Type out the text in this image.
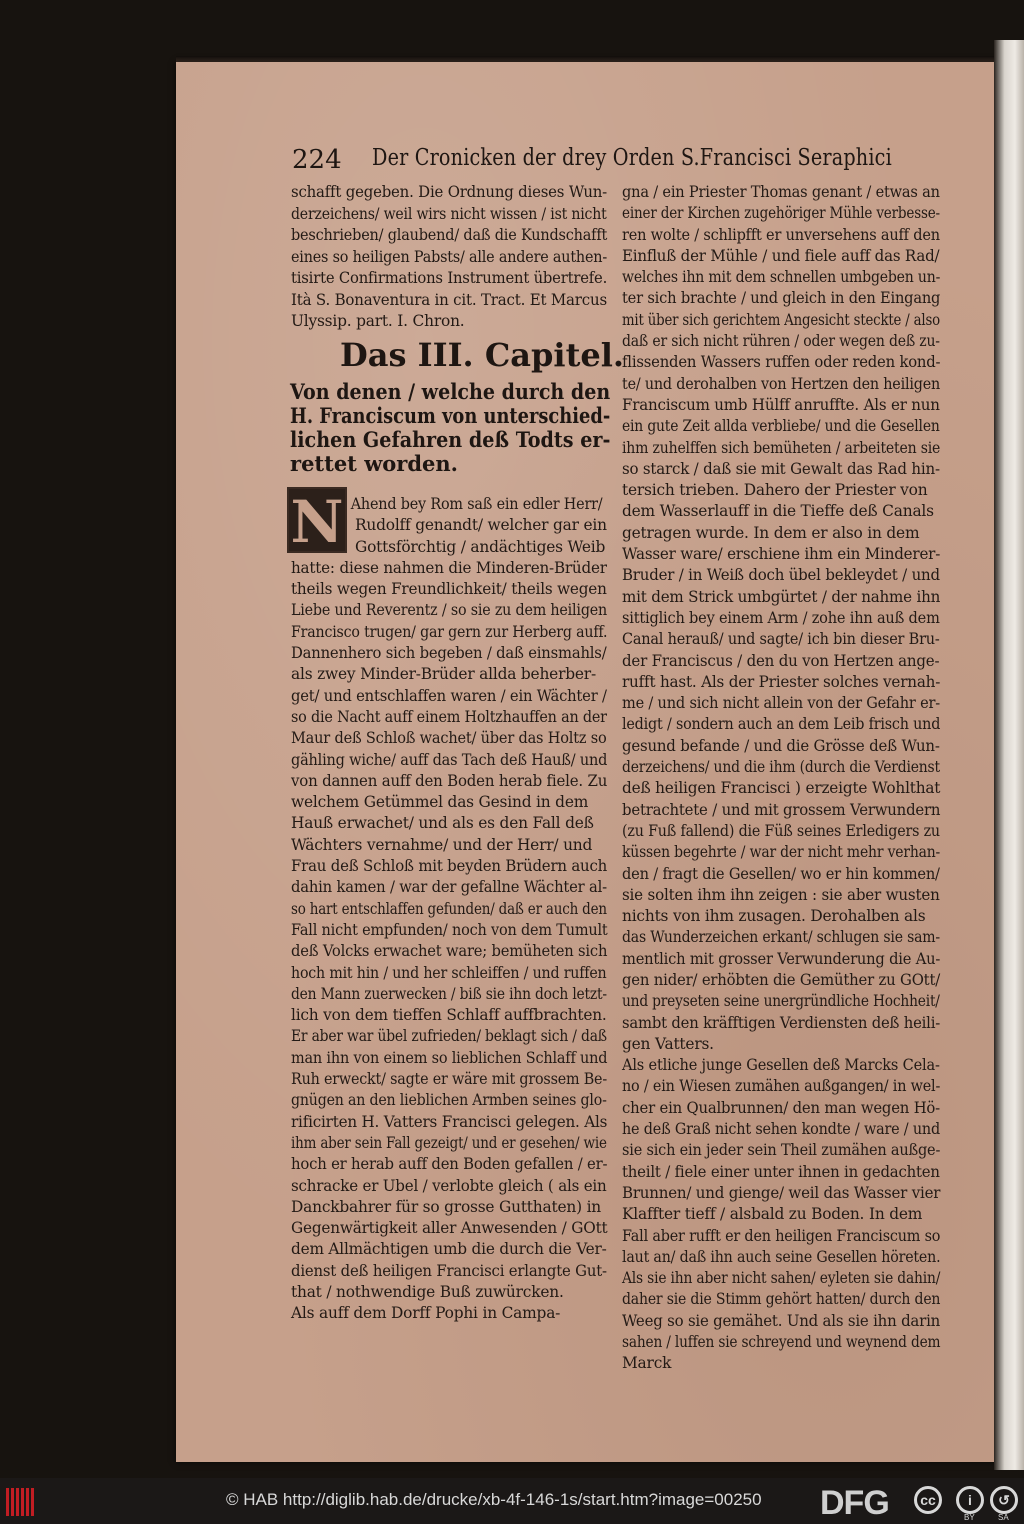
224 Der Cronicken der drey Orden S.Francisci Seraphici
schafft gegeben. Die Ordnung dieses Wun-
derzeichens/ weil wirs nicht wissen / ist nicht
beschrieben/ glaubend/ daß die Kundschafft
eines so heiligen Pabsts/ alle andere authen-
tisirte Confirmations Instrument übertrefe.
Ità S. Bonaventura in cit. Tract. Et Marcus
Ulyssip. part. I. Chron.
Das III. Capitel.
Von denen / welche durch den
H. Franciscum von unterschied-
lichen Gefahren deß Todts er-
rettet worden.
N Ahend bey Rom saß ein edler Herr/
Rudolff genandt/ welcher gar ein
Gottsförchtig / andächtiges Weib
hatte: diese nahmen die Minderen-Brüder
theils wegen Freundlichkeit/ theils wegen
Liebe und Reverentz / so sie zu dem heiligen
Francisco trugen/ gar gern zur Herberg auff.
Dannenhero sich begeben / daß einsmahls/
als zwey Minder-Brüder allda beherber-
get/ und entschlaffen waren / ein Wächter /
so die Nacht auff einem Holtzhauffen an der
Maur deß Schloß wachet/ über das Holtz so
gähling wiche/ auff das Tach deß Hauß/ und
von dannen auff den Boden herab fiele. Zu
welchem Getümmel das Gesind in dem
Hauß erwachet/ und als es den Fall deß
Wächters vernahme/ und der Herr/ und
Frau deß Schloß mit beyden Brüdern auch
dahin kamen / war der gefallne Wächter al-
so hart entschlaffen gefunden/ daß er auch den
Fall nicht empfunden/ noch von dem Tumult
deß Volcks erwachet ware; bemüheten sich
hoch mit hin / und her schleiffen / und ruffen
den Mann zuerwecken / biß sie ihn doch letzt-
lich von dem tieffen Schlaff auffbrachten.
Er aber war übel zufrieden/ beklagt sich / daß
man ihn von einem so lieblichen Schlaff und
Ruh erweckt/ sagte er wäre mit grossem Be-
gnügen an den lieblichen Armben seines glo-
rificirten H. Vatters Francisci gelegen. Als
ihm aber sein Fall gezeigt/ und er gesehen/ wie
hoch er herab auff den Boden gefallen / er-
schracke er Ubel / verlobte gleich ( als ein
Danckbahrer für so grosse Gutthaten) in
Gegenwärtigkeit aller Anwesenden / GOtt
dem Allmächtigen umb die durch die Ver-
dienst deß heiligen Francisci erlangte Gut-
that / nothwendige Buß zuwürcken.
Als auff dem Dorff Pophi in Campa-
gna / ein Priester Thomas genant / etwas an
einer der Kirchen zugehöriger Mühle verbesse-
ren wolte / schlipfft er unversehens auff den
Einfluß der Mühle / und fiele auff das Rad/
welches ihn mit dem schnellen umbgeben un-
ter sich brachte / und gleich in den Eingang
mit über sich gerichtem Angesicht steckte / also
daß er sich nicht rühren / oder wegen deß zu-
flissenden Wassers ruffen oder reden kond-
te/ und derohalben von Hertzen den heiligen
Franciscum umb Hülff anruffte. Als er nun
ein gute Zeit allda verbliebe/ und die Gesellen
ihm zuhelffen sich bemüheten / arbeiteten sie
so starck / daß sie mit Gewalt das Rad hin-
tersich trieben. Dahero der Priester von
dem Wasserlauff in die Tieffe deß Canals
getragen wurde. In dem er also in dem
Wasser ware/ erschiene ihm ein Minderer-
Bruder / in Weiß doch übel bekleydet / und
mit dem Strick umbgürtet / der nahme ihn
sittiglich bey einem Arm / zohe ihn auß dem
Canal herauß/ und sagte/ ich bin dieser Bru-
der Franciscus / den du von Hertzen ange-
rufft hast. Als der Priester solches vernah-
me / und sich nicht allein von der Gefahr er-
ledigt / sondern auch an dem Leib frisch und
gesund befande / und die Grösse deß Wun-
derzeichens/ und die ihm (durch die Verdienst
deß heiligen Francisci ) erzeigte Wohlthat
betrachtete / und mit grossem Verwundern
(zu Fuß fallend) die Füß seines Erledigers zu
küssen begehrte / war der nicht mehr verhan-
den / fragt die Gesellen/ wo er hin kommen/
sie solten ihm ihn zeigen : sie aber wusten
nichts von ihm zusagen. Derohalben als
das Wunderzeichen erkant/ schlugen sie sam-
mentlich mit grosser Verwunderung die Au-
gen nider/ erhöbten die Gemüther zu GOtt/
und preyseten seine unergründliche Hochheit/
sambt den kräfftigen Verdiensten deß heili-
gen Vatters.
Als etliche junge Gesellen deß Marcks Cela-
no / ein Wiesen zumähen außgangen/ in wel-
cher ein Qualbrunnen/ den man wegen Hö-
he deß Graß nicht sehen kondte / ware / und
sie sich ein jeder sein Theil zumähen außge-
theilt / fiele einer unter ihnen in gedachten
Brunnen/ und gienge/ weil das Wasser vier
Klaffter tieff / alsbald zu Boden. In dem
Fall aber rufft er den heiligen Franciscum so
laut an/ daß ihn auch seine Gesellen höreten.
Als sie ihn aber nicht sahen/ eyleten sie dahin/
daher sie die Stimm gehört hatten/ durch den
Weeg so sie gemähet. Und als sie ihn darin
sahen / luffen sie schreyend und weynend dem
Marck
© HAB http://diglib.hab.de/drucke/xb-4f-146-1s/start.htm?image=00250 DFG	cc	i	↺
BY	SA
